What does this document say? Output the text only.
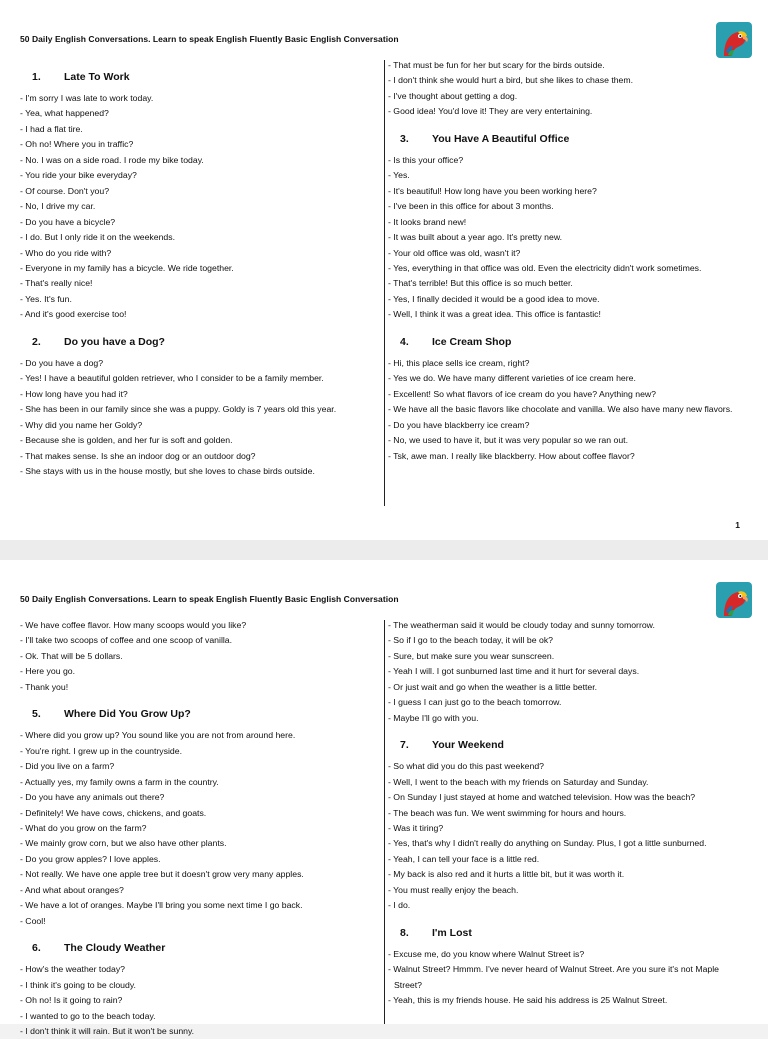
50 Daily English Conversations. Learn to speak English Fluently Basic English Conversation
1.	Late To Work
- I'm sorry I was late to work today.
- Yea, what happened?
- I had a flat tire.
- Oh no! Where you in traffic?
- No. I was on a side road. I rode my bike today.
- You ride your bike everyday?
- Of course. Don't you?
- No, I drive my car.
- Do you have a bicycle?
- I do. But I only ride it on the weekends.
- Who do you ride with?
- Everyone in my family has a bicycle. We ride together.
- That's really nice!
- Yes. It's fun.
- And it's good exercise too!
2.	Do you have a Dog?
- Do you have a dog?
- Yes! I have a beautiful golden retriever, who I consider to be a family member.
- How long have you had it?
- She has been in our family since she was a puppy. Goldy is 7 years old this year.
- Why did you name her Goldy?
- Because she is golden, and her fur is soft and golden.
- That makes sense. Is she an indoor dog or an outdoor dog?
- She stays with us in the house mostly, but she loves to chase birds outside.
- That must be fun for her but scary for the birds outside.
- I don't think she would hurt a bird, but she likes to chase them.
- I've thought about getting a dog.
- Good idea! You'd love it! They are very entertaining.
3.	You Have A Beautiful Office
- Is this your office?
- Yes.
- It's beautiful! How long have you been working here?
- I've been in this office for about 3 months.
- It looks brand new!
- It was built about a year ago. It's pretty new.
- Your old office was old, wasn't it?
- Yes, everything in that office was old. Even the electricity didn't work sometimes.
- That's terrible! But this office is so much better.
- Yes, I finally decided it would be a good idea to move.
- Well, I think it was a great idea. This office is fantastic!
4.	Ice Cream Shop
- Hi, this place sells ice cream, right?
- Yes we do. We have many different varieties of ice cream here.
- Excellent! So what flavors of ice cream do you have? Anything new?
- We have all the basic flavors like chocolate and vanilla. We also have many new flavors.
- Do you have blackberry ice cream?
- No, we used to have it, but it was very popular so we ran out.
- Tsk, awe man. I really like blackberry. How about coffee flavor?
1
50 Daily English Conversations. Learn to speak English Fluently Basic English Conversation
- We have coffee flavor. How many scoops would you like?
- I'll take two scoops of coffee and one scoop of vanilla.
- Ok. That will be 5 dollars.
- Here you go.
- Thank you!
5.	Where Did You Grow Up?
- Where did you grow up? You sound like you are not from around here.
- You're right. I grew up in the countryside.
- Did you live on a farm?
- Actually yes, my family owns a farm in the country.
- Do you have any animals out there?
- Definitely! We have cows, chickens, and goats.
- What do you grow on the farm?
- We mainly grow corn, but we also have other plants.
- Do you grow apples? I love apples.
- Not really. We have one apple tree but it doesn't grow very many apples.
- And what about oranges?
- We have a lot of oranges. Maybe I'll bring you some next time I go back.
- Cool!
6.	The Cloudy Weather
- How's the weather today?
- I think it's going to be cloudy.
- Oh no! Is it going to rain?
- I wanted to go to the beach today.
- I don't think it will rain. But it won't be sunny.
- The weatherman said it would be cloudy today and sunny tomorrow.
- So if I go to the beach today, it will be ok?
- Sure, but make sure you wear sunscreen.
- Yeah I will. I got sunburned last time and it hurt for several days.
- Or just wait and go when the weather is a little better.
- I guess I can just go to the beach tomorrow.
- Maybe I'll go with you.
7.	Your Weekend
- So what did you do this past weekend?
- Well, I went to the beach with my friends on Saturday and Sunday.
- On Sunday I just stayed at home and watched television. How was the beach?
- The beach was fun. We went swimming for hours and hours.
- Was it tiring?
- Yes, that's why I didn't really do anything on Sunday. Plus, I got a little sunburned.
- Yeah, I can tell your face is a little red.
- My back is also red and it hurts a little bit, but it was worth it.
- You must really enjoy the beach.
- I do.
8.	I'm Lost
- Excuse me, do you know where Walnut Street is?
- Walnut Street? Hmmm. I've never heard of Walnut Street. Are you sure it's not Maple Street?
- Yeah, this is my friends house. He said his address is 25 Walnut Street.
